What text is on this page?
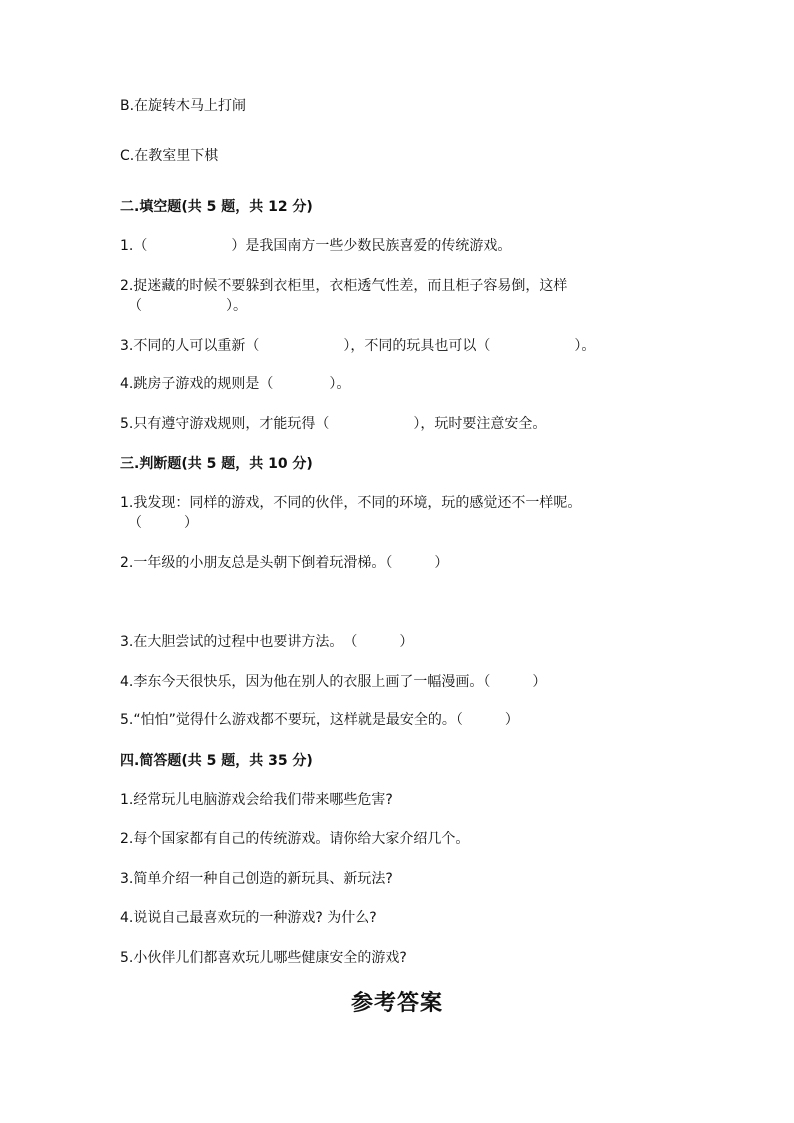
B.在旋转木马上打闹
C.在教室里下棋
二.填空题(共 5 题，共 12 分)
1.（　　　　　　）是我国南方一些少数民族喜爱的传统游戏。
2.捉迷藏的时候不要躲到衣柜里，衣柜透气性差，而且柜子容易倒，这样
（　　　　　　）。
3.不同的人可以重新（　　　　　　），不同的玩具也可以（　　　　　　）。
4.跳房子游戏的规则是（　　　　）。
5.只有遵守游戏规则，才能玩得（　　　　　　），玩时要注意安全。
三.判断题(共 5 题，共 10 分)
1.我发现：同样的游戏，不同的伙伴，不同的环境，玩的感觉还不一样呢。
（　　　）
2.一年级的小朋友总是头朝下倒着玩滑梯。（　　　）
3.在大胆尝试的过程中也要讲方法。　（　　　）
4.李东今天很快乐，因为他在别人的衣服上画了一幅漫画。（　　　）
5.“怕怕”觉得什么游戏都不要玩，这样就是最安全的。（　　　）
四.简答题(共 5 题，共 35 分)
1.经常玩儿电脑游戏会给我们带来哪些危害?
2.每个国家都有自己的传统游戏。请你给大家介绍几个。
3.简单介绍一种自己创造的新玩具、新玩法?
4.说说自己最喜欢玩的一种游戏? 为什么?
5.小伙伴儿们都喜欢玩儿哪些健康安全的游戏?
参考答案
